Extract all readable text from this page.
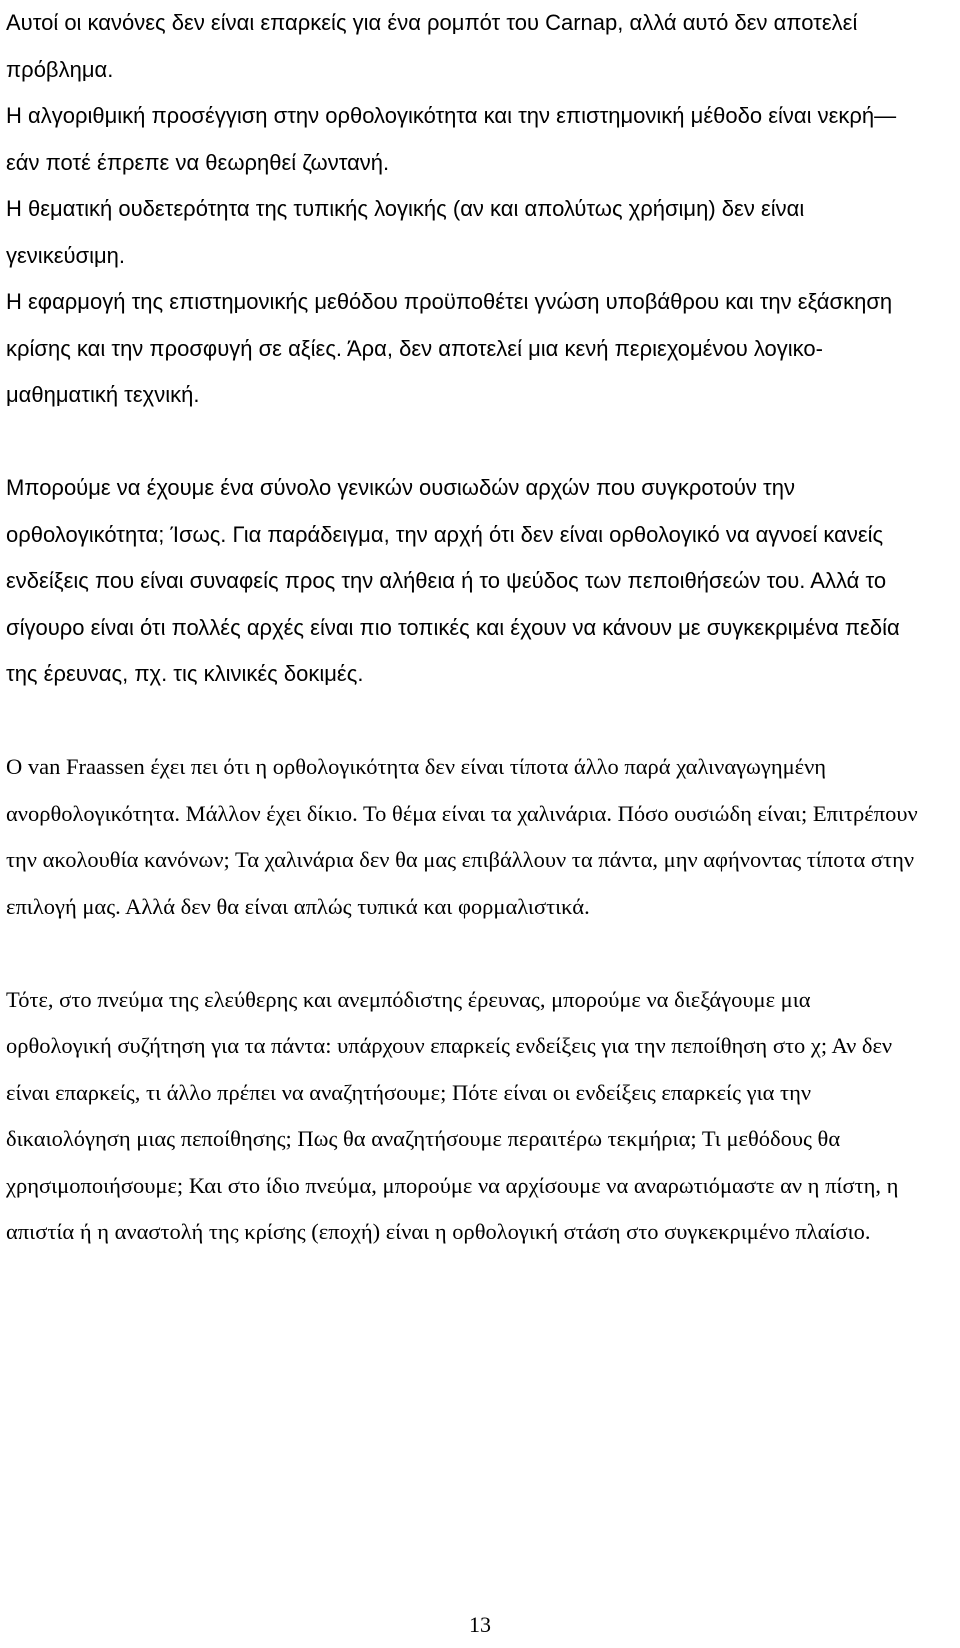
Αυτοί οι κανόνες δεν είναι επαρκείς για ένα ρομπότ του Carnap, αλλά αυτό δεν αποτελεί πρόβλημα.

Η αλγοριθμική προσέγγιση στην ορθολογικότητα και την επιστημονική μέθοδο είναι νεκρή—εάν ποτέ έπρεπε να θεωρηθεί ζωντανή.

Η θεματική ουδετερότητα της τυπικής λογικής (αν και απολύτως χρήσιμη) δεν είναι γενικεύσιμη.

Η εφαρμογή της επιστημονικής μεθόδου προϋποθέτει γνώση υποβάθρου και την εξάσκηση κρίσης και την προσφυγή σε αξίες. Άρα, δεν αποτελεί μια κενή περιεχομένου λογικο-μαθηματική τεχνική.

Μπορούμε να έχουμε ένα σύνολο γενικών ουσιωδών αρχών που συγκροτούν την ορθολογικότητα; Ίσως. Για παράδειγμα, την αρχή ότι δεν είναι ορθολογικό να αγνοεί κανείς ενδείξεις που είναι συναφείς προς την αλήθεια ή το ψεύδος των πεποιθήσεών του. Αλλά το σίγουρο είναι ότι πολλές αρχές είναι πιο τοπικές και έχουν να κάνουν με συγκεκριμένα πεδία της έρευνας, πχ. τις κλινικές δοκιμές.

Ο van Fraassen έχει πει ότι η ορθολογικότητα δεν είναι τίποτα άλλο παρά χαλιναγωγημένη ανορθολογικότητα. Μάλλον έχει δίκιο. Το θέμα είναι τα χαλινάρια. Πόσο ουσιώδη είναι; Επιτρέπουν την ακολουθία κανόνων; Τα χαλινάρια δεν θα μας επιβάλλουν τα πάντα, μην αφήνοντας τίποτα στην επιλογή μας. Αλλά δεν θα είναι απλώς τυπικά και φορμαλιστικά.

Τότε, στο πνεύμα της ελεύθερης και ανεμπόδιστης έρευνας, μπορούμε να διεξάγουμε μια ορθολογική συζήτηση για τα πάντα: υπάρχουν επαρκείς ενδείξεις για την πεποίθηση στο χ; Αν δεν είναι επαρκείς, τι άλλο πρέπει να αναζητήσουμε; Πότε είναι οι ενδείξεις επαρκείς για την δικαιολόγηση μιας πεποίθησης; Πως θα αναζητήσουμε περαιτέρω τεκμήρια; Τι μεθόδους θα χρησιμοποιήσουμε; Και στο ίδιο πνεύμα, μπορούμε να αρχίσουμε να αναρωτιόμαστε αν η πίστη, η απιστία ή η αναστολή της κρίσης (εποχή) είναι η ορθολογική στάση στο συγκεκριμένο πλαίσιο.

13
